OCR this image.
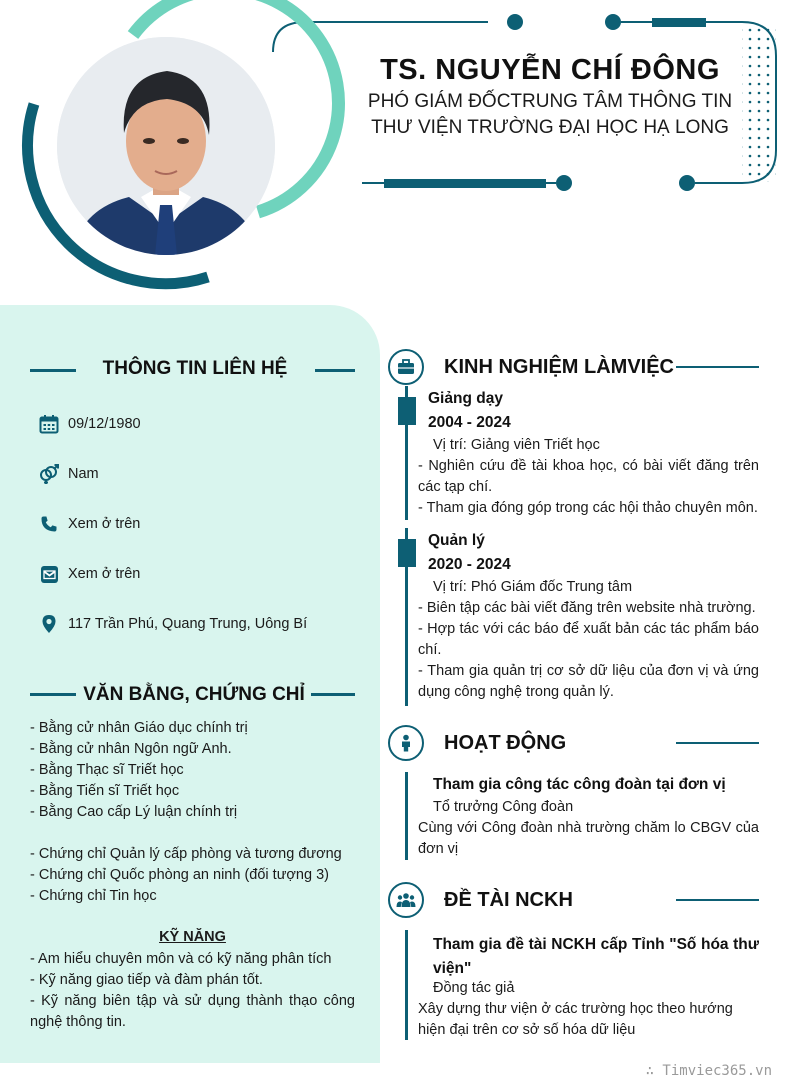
TS. NGUYỄN CHÍ ĐÔNG
PHÓ GIÁM ĐỐCTRUNG TÂM THÔNG TIN
THƯ VIỆN TRƯỜNG ĐẠI HỌC HẠ LONG
THÔNG TIN LIÊN HỆ
09/12/1980
Nam
Xem ở trên
Xem ở trên
117 Trần Phú, Quang Trung, Uông Bí
VĂN BẰNG, CHỨNG CHỈ
- Bằng cử nhân Giáo dục chính trị
- Bằng cử nhân Ngôn ngữ Anh.
- Bằng Thạc sĩ Triết học
- Bằng Tiến sĩ Triết học
- Bằng Cao cấp Lý luận chính trị
- Chứng chỉ Quản lý cấp phòng và tương đương
- Chứng chỉ Quốc phòng an ninh (đối tượng 3)
- Chứng chỉ Tin học
KỸ NĂNG
- Am hiểu chuyên môn và có kỹ năng phân tích
- Kỹ năng giao tiếp và đàm phán tốt.
- Kỹ năng biên tập và sử dụng thành thạo công nghệ thông tin.
KINH NGHIỆM LÀMVIỆC
Giảng dạy
2004 - 2024
Vị trí: Giảng viên Triết học
- Nghiên cứu đề tài khoa học, có bài viết đăng trên các tạp chí.
- Tham gia đóng góp trong các hội thảo chuyên môn.
Quản lý
2020 - 2024
Vị trí: Phó Giám đốc Trung tâm
- Biên tập các bài viết đăng trên website nhà trường.
- Hợp tác với các báo để xuất bản các tác phẩm báo chí.
- Tham gia quản trị cơ sở dữ liệu của đơn vị và ứng dụng công nghệ trong quản lý.
HOẠT ĐỘNG
Tham gia công tác công đoàn tại đơn vị
Tổ trưởng Công đoàn
Cùng với Công đoàn nhà trường chăm lo CBGV của đơn vị
ĐỀ TÀI NCKH
Tham gia đề tài NCKH cấp Tỉnh "Số hóa thư viện"
Đồng tác giả
Xây dựng thư viện ở các trường học theo hướng hiện đại trên cơ sở số hóa dữ liệu
∴ Timviec365.vn
